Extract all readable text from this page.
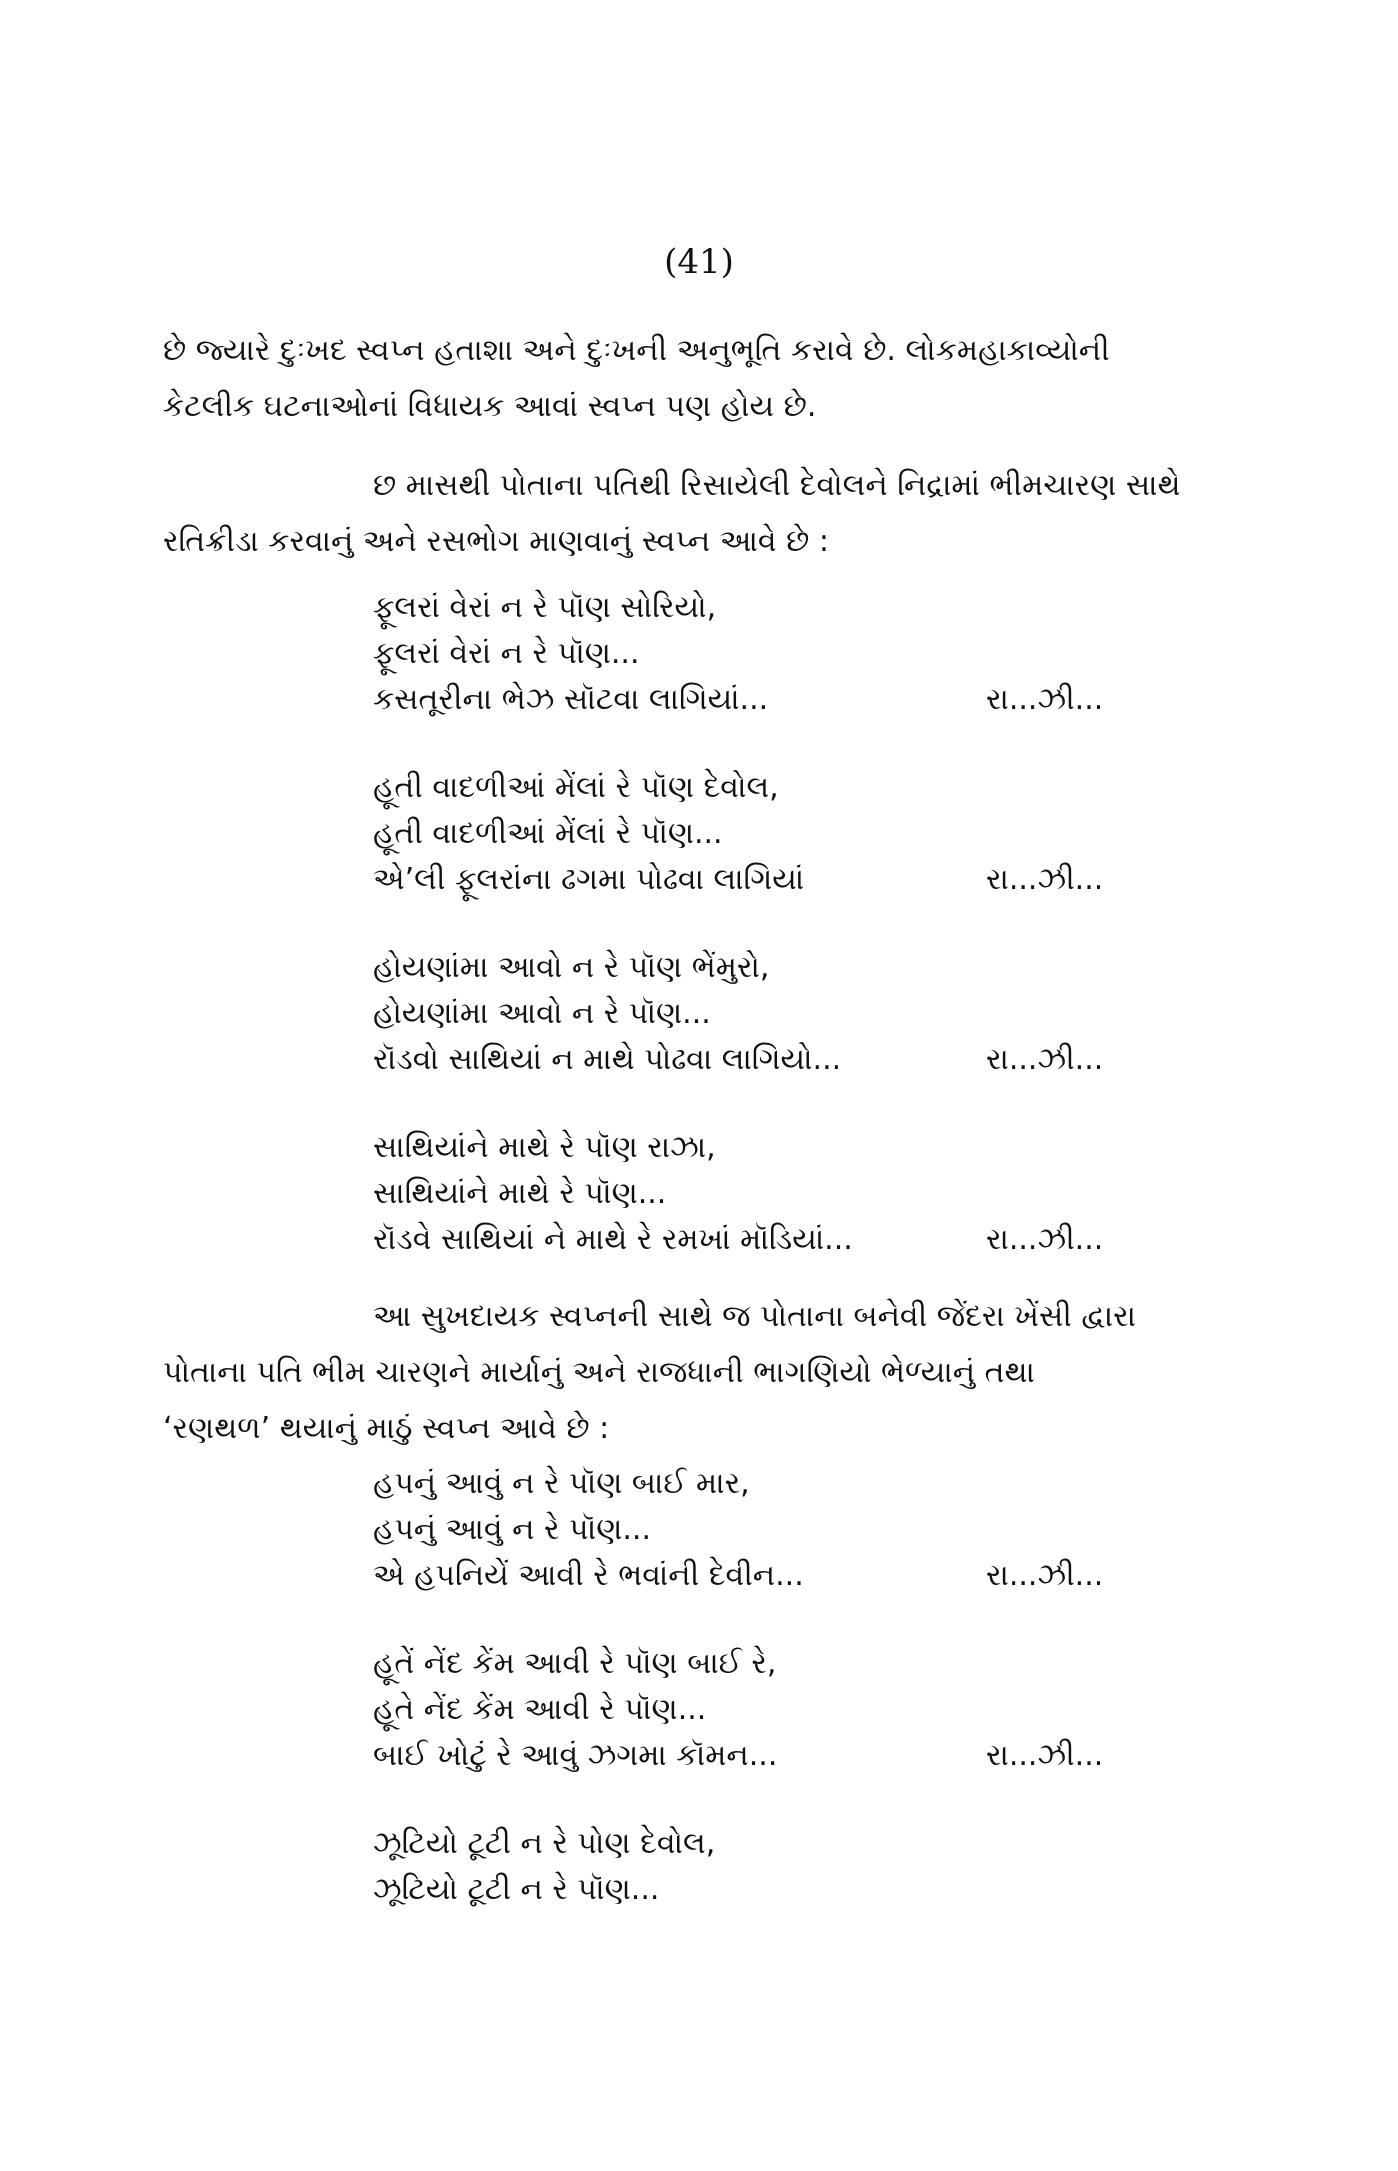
(41)

છે જ્યારે દુઃખદ સ્વપ્ન હતાશા અને દુઃખની અનુભૂતિ કરાવે છે. લોકમહાકાવ્યોની
કેટલીક ઘટનાઓનાં વિધાયક આવાં સ્વપ્ન પણ હોય છે.

છ માસથી પોતાના પતિથી રિસાયેલી દેવોલને નિદ્રામાં ભીમચારણ સાથે
રતિક્રીડા કરવાનું અને રસભોગ માણવાનું સ્વપ્ન આવે છે :

ફૂલરાં વેરાં ન રે પૉણ સોરિયો,
ફૂલરાં વેરાં ન રે પૉણ...
કસતૂરીના ભેઝ સૉટવા લાગિયાં...	રા...ઝી...
હૂતી વાદળીઆં મેંલાં રે પૉણ દેવોલ,
હૂતી વાદળીઆં મેંલાં રે પૉણ...
એ’લી ફૂલરાંના ઢગમા પોઢવા લાગિયાં	રા...ઝી...
હોયણાંમા આવો ન રે પૉણ ભેંમુરો,
હોયણાંમા આવો ન રે પૉણ...
રૉડવો સાથિયાં ન માથે પોઢવા લાગિયો...	રા...ઝી...
સાથિયાંને માથે રે પૉણ રાઝા,
સાથિયાંને માથે રે પૉણ...
રૉડવે સાથિયાં ને માથે રે રમખાં મૉડિયાં...	રા...ઝી...

આ સુખદાયક સ્વપ્નની સાથે જ પોતાના બનેવી જેંદરા ખેંસી દ્વારા
પોતાના પતિ ભીમ ચારણને માર્યાનું અને રાજધાની ભાગણિયો ભેળ્યાનું તથા
‘રણથળ’ થયાનું માઠું સ્વપ્ન આવે છે :

હપનું આવું ન રે પૉણ બાઈ માર,
હપનું આવું ન રે પૉણ...
એ હપનિયેં આવી રે ભવાંની દેવીન...	રા...ઝી...
હૂતેં નેંદ કેંમ આવી રે પૉણ બાઈ રે,
હૂતે નેંદ કેંમ આવી રે પૉણ...
બાઈ ખોટું રે આવું ઝગમા કૉમન...	રા...ઝી...
ઝૂટિયો ટૂટી ન રે પોણ દેવોલ,
ઝૂટિયો ટૂટી ન રે પૉણ...
